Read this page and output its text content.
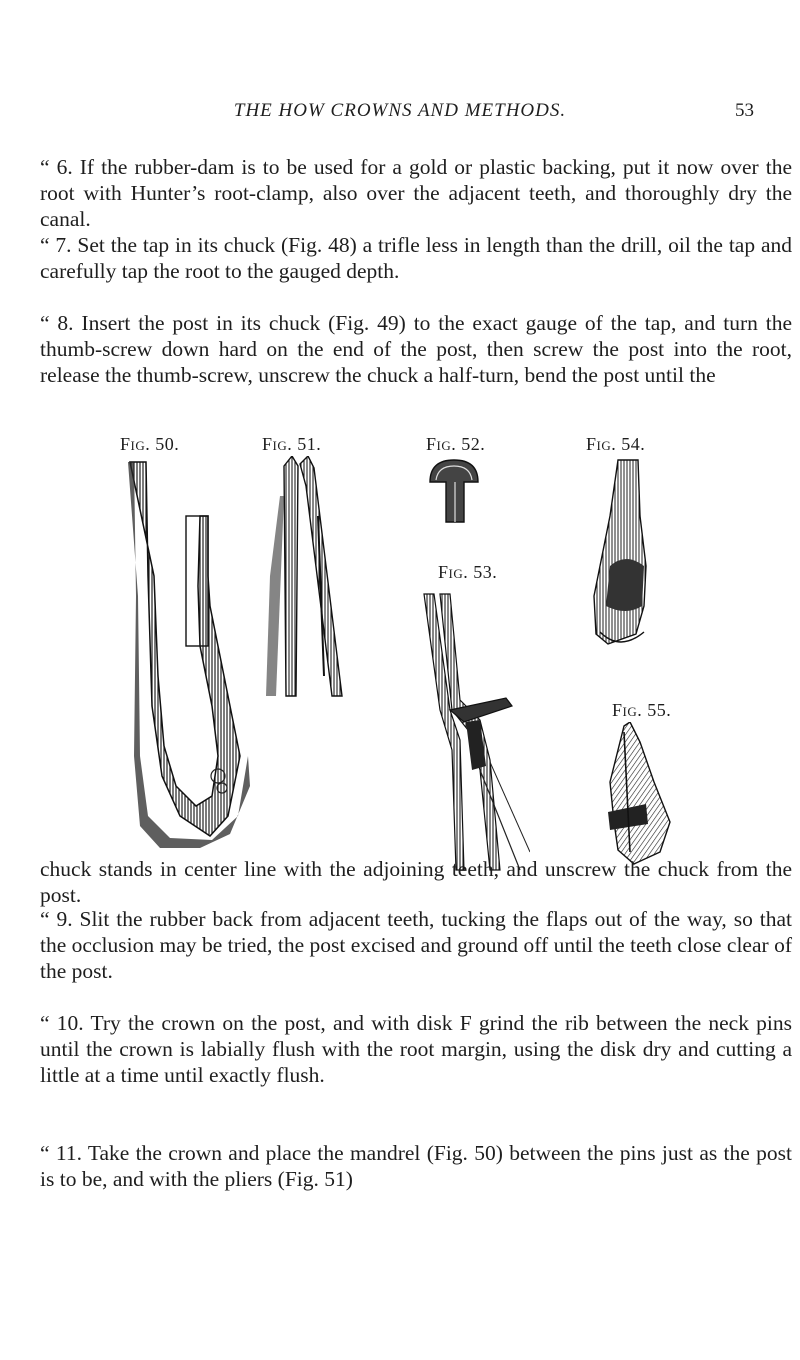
THE HOW CROWNS AND METHODS.	53

“ 6. If the rubber-dam is to be used for a gold or plastic backing, put it now over the root with Hunter’s root-clamp, also over the adjacent teeth, and thoroughly dry the canal.

“ 7. Set the tap in its chuck (Fig. 48) a trifle less in length than the drill, oil the tap and carefully tap the root to the gauged depth.

“ 8. Insert the post in its chuck (Fig. 49) to the exact gauge of the tap, and turn the thumb-screw down hard on the end of the post, then screw the post into the root, release the thumb-screw, unscrew the chuck a half-turn, bend the post until the

Fig. 50.	Fig. 51.	Fig. 52.	Fig. 54.
Fig. 53.
Fig. 55.

chuck stands in center line with the adjoining teeth, and unscrew the chuck from the post.

“ 9. Slit the rubber back from adjacent teeth, tucking the flaps out of the way, so that the occlusion may be tried, the post excised and ground off until the teeth close clear of the post.

“ 10. Try the crown on the post, and with disk F grind the rib between the neck pins until the crown is labially flush with the root margin, using the disk dry and cutting a little at a time until exactly flush.

“ 11. Take the crown and place the mandrel (Fig. 50) between the pins just as the post is to be, and with the pliers (Fig. 51)
